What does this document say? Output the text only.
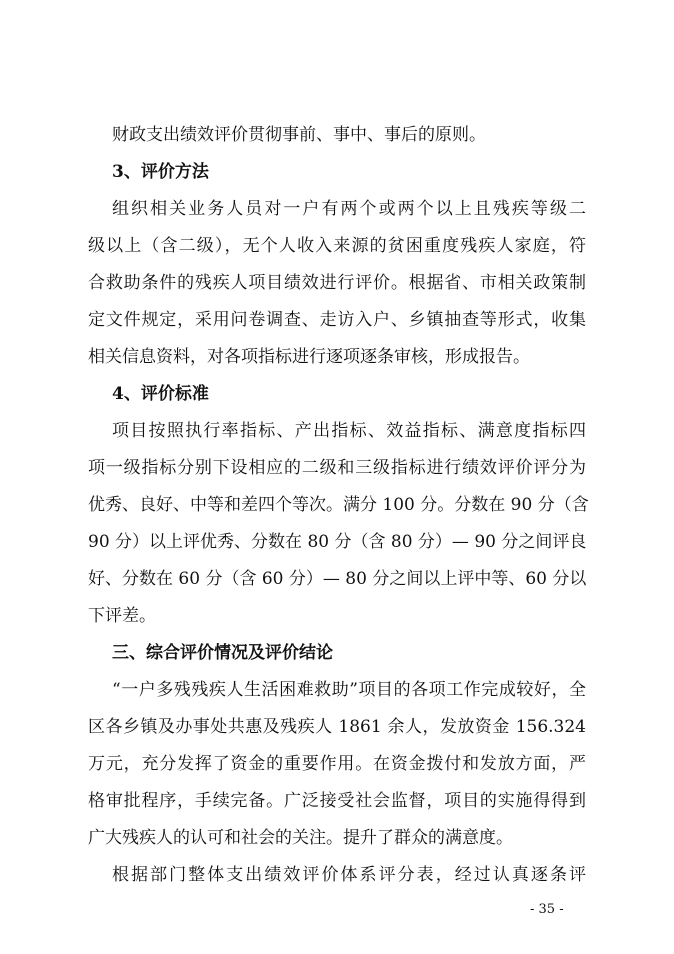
财政支出绩效评价贯彻事前、事中、事后的原则。
3、评价方法
组织相关业务人员对一户有两个或两个以上且残疾等级二
级以上（含二级），无个人收入来源的贫困重度残疾人家庭，符
合救助条件的残疾人项目绩效进行评价。根据省、市相关政策制
定文件规定，采用问卷调查、走访入户、乡镇抽查等形式，收集
相关信息资料，对各项指标进行逐项逐条审核，形成报告。
4、评价标准
项目按照执行率指标、产出指标、效益指标、满意度指标四
项一级指标分别下设相应的二级和三级指标进行绩效评价评分为
优秀、良好、中等和差四个等次。满分 100 分。分数在 90 分（含
90 分）以上评优秀、分数在 80 分（含 80 分）— 90 分之间评良
好、分数在 60 分（含 60 分）— 80 分之间以上评中等、60 分以
下评差。
三、综合评价情况及评价结论
“一户多残残疾人生活困难救助”项目的各项工作完成较好，全
区各乡镇及办事处共惠及残疾人 1861 余人，发放资金 156.324
万元，充分发挥了资金的重要作用。在资金拨付和发放方面，严
格审批程序，手续完备。广泛接受社会监督，项目的实施得得到
广大残疾人的认可和社会的关注。提升了群众的满意度。
根据部门整体支出绩效评价体系评分表，经过认真逐条评
- 35 -
